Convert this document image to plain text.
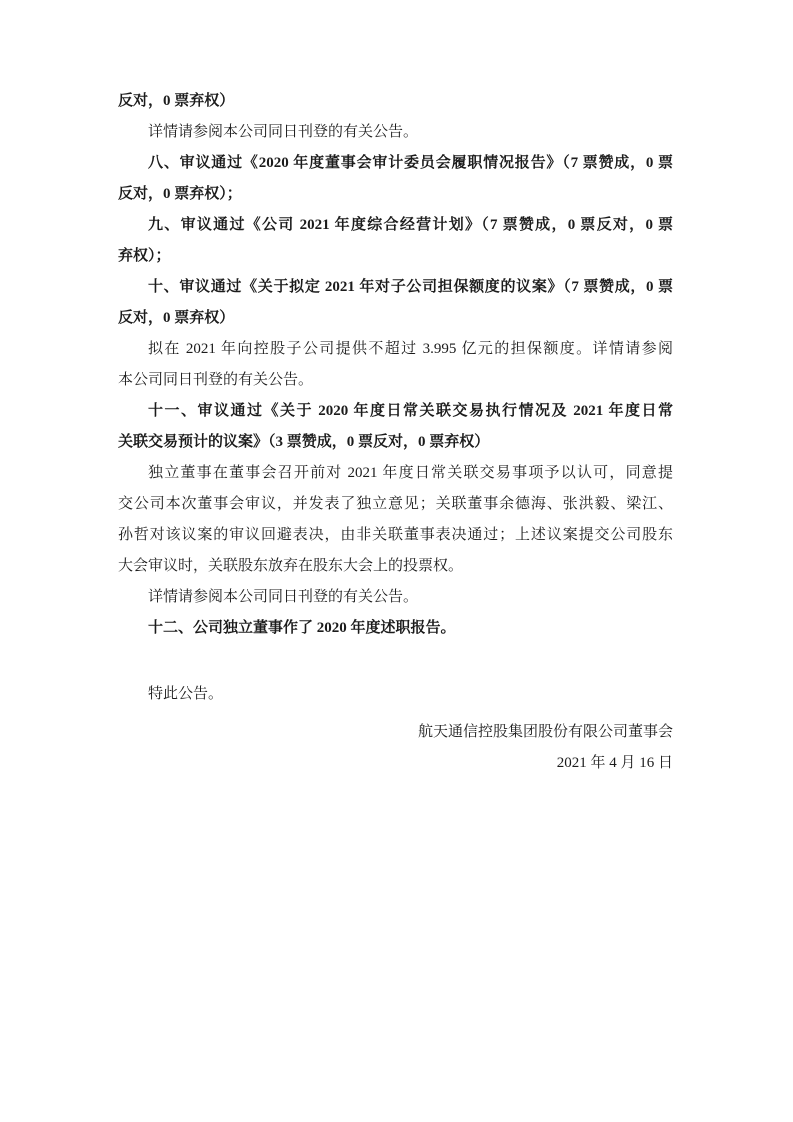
反对，0 票弃权）
详情请参阅本公司同日刊登的有关公告。
八、审议通过《2020 年度董事会审计委员会履职情况报告》（7 票赞成，0 票
反对，0 票弃权）；
九、审议通过《公司 2021 年度综合经营计划》（7 票赞成，0 票反对，0 票
弃权）；
十、审议通过《关于拟定 2021 年对子公司担保额度的议案》（7 票赞成，0 票
反对，0 票弃权）
拟在 2021 年向控股子公司提供不超过 3.995 亿元的担保额度。详情请参阅
本公司同日刊登的有关公告。
十一、审议通过《关于 2020 年度日常关联交易执行情况及 2021 年度日常
关联交易预计的议案》（3 票赞成，0 票反对，0 票弃权）
独立董事在董事会召开前对 2021 年度日常关联交易事项予以认可，同意提
交公司本次董事会审议，并发表了独立意见；关联董事余德海、张洪毅、梁江、
孙哲对该议案的审议回避表决，由非关联董事表决通过；上述议案提交公司股东
大会审议时，关联股东放弃在股东大会上的投票权。
详情请参阅本公司同日刊登的有关公告。
十二、公司独立董事作了 2020 年度述职报告。
特此公告。
航天通信控股集团股份有限公司董事会
2021 年 4 月 16 日
